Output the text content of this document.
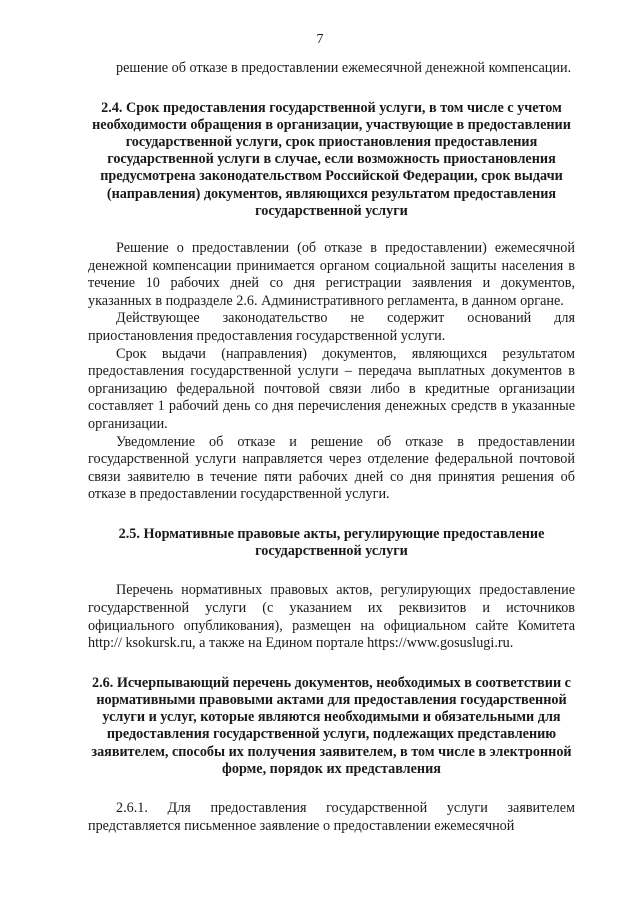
7

решение об отказе в предоставлении ежемесячной денежной компенсации.

2.4. Срок предоставления государственной услуги, в том числе с учетом необходимости обращения в организации, участвующие в предоставлении государственной услуги, срок приостановления предоставления государственной услуги в случае, если возможность приостановления предусмотрена законодательством Российской Федерации, срок выдачи (направления) документов, являющихся результатом предоставления государственной услуги

Решение о предоставлении (об отказе в предоставлении) ежемесячной денежной компенсации принимается органом социальной защиты населения в течение 10 рабочих дней со дня регистрации заявления и документов, указанных в подразделе 2.6. Административного регламента, в данном органе.

Действующее законодательство не содержит оснований для приостановления предоставления государственной услуги.

Срок выдачи (направления) документов, являющихся результатом предоставления государственной услуги – передача выплатных документов в организацию федеральной почтовой связи либо в кредитные организации составляет 1 рабочий день со дня перечисления денежных средств в указанные организации.

Уведомление об отказе и решение об отказе в предоставлении государственной услуги направляется через отделение федеральной почтовой связи заявителю в течение пяти рабочих дней со дня принятия решения об отказе в предоставлении государственной услуги.

2.5. Нормативные правовые акты, регулирующие предоставление государственной услуги

Перечень нормативных правовых актов, регулирующих предоставление государственной услуги (с указанием их реквизитов и источников официального опубликования), размещен на официальном сайте Комитета http:// ksokursk.ru, а также на Едином портале https://www.gosuslugi.ru.

2.6. Исчерпывающий перечень документов, необходимых в соответствии с нормативными правовыми актами для предоставления государственной услуги и услуг, которые являются необходимыми и обязательными для предоставления государственной услуги, подлежащих представлению заявителем, способы их получения заявителем, в том числе в электронной форме, порядок их представления

2.6.1. Для предоставления государственной услуги заявителем представляется письменное заявление о предоставлении ежемесячной
